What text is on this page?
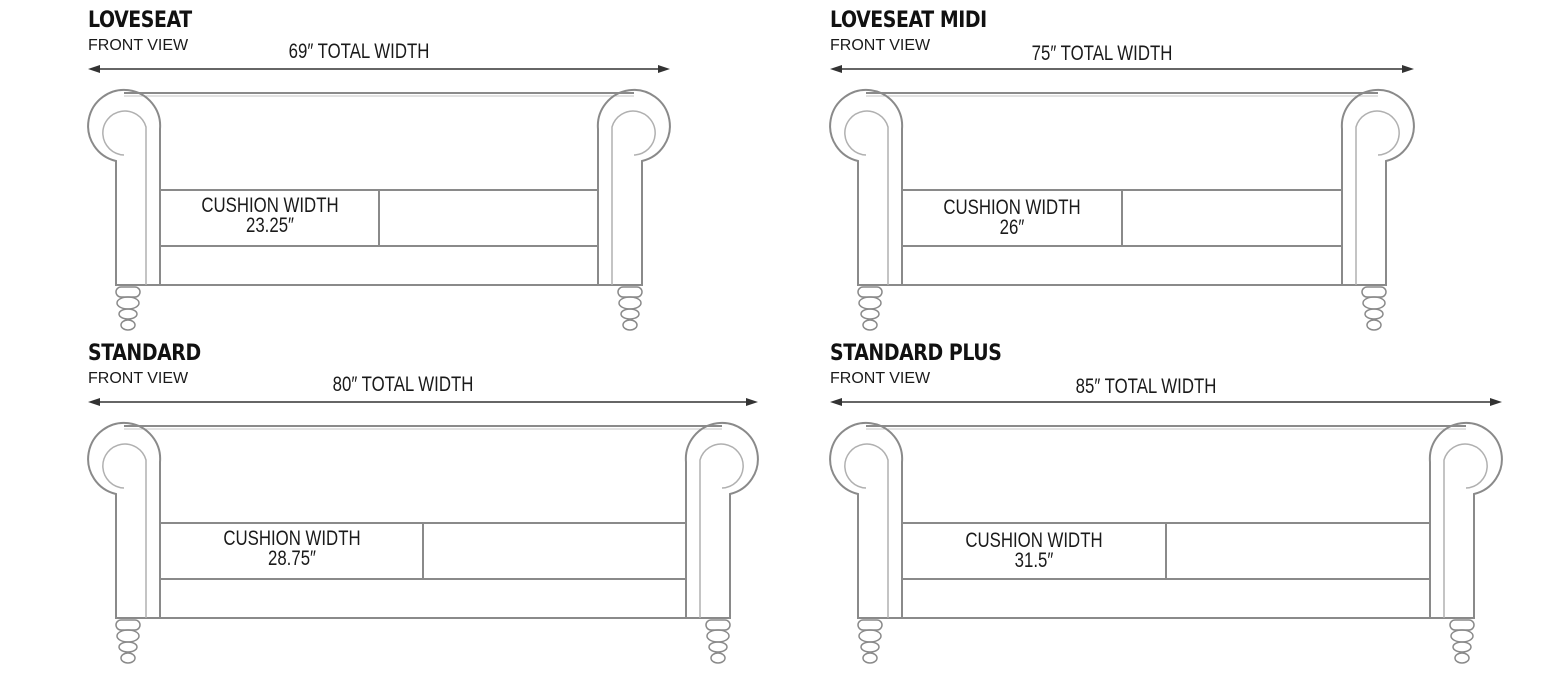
LOVESEAT
FRONT VIEW	69″ TOTAL WIDTH
CUSHION WIDTH
23.25″
LOVESEAT MIDI
FRONT VIEW	75″ TOTAL WIDTH
CUSHION WIDTH
26″
STANDARD
FRONT VIEW	80″ TOTAL WIDTH
CUSHION WIDTH
28.75″
STANDARD PLUS
FRONT VIEW	85″ TOTAL WIDTH
CUSHION WIDTH
31.5″
